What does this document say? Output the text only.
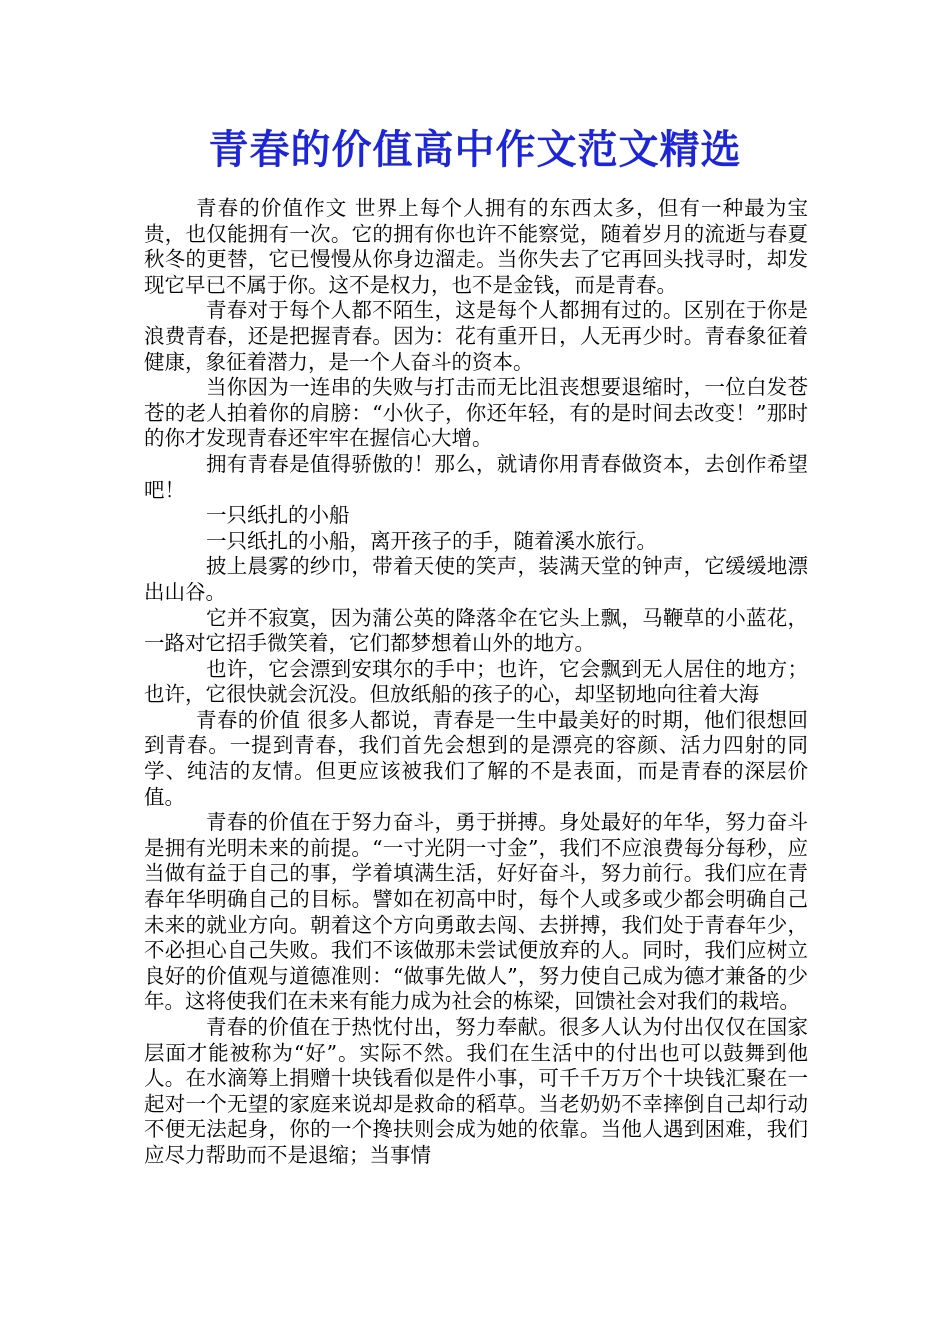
青春的价值高中作文范文精选

青春的价值作文 世界上每个人拥有的东西太多，但有一种最为宝贵，也仅能拥有一次。它的拥有你也许不能察觉，随着岁月的流逝与春夏秋冬的更替，它已慢慢从你身边溜走。当你失去了它再回头找寻时，却发现它早已不属于你。这不是权力，也不是金钱，而是青春。

青春对于每个人都不陌生，这是每个人都拥有过的。区别在于你是浪费青春，还是把握青春。因为：花有重开日，人无再少时。青春象征着健康，象征着潜力，是一个人奋斗的资本。

当你因为一连串的失败与打击而无比沮丧想要退缩时，一位白发苍苍的老人拍着你的肩膀：“小伙子，你还年轻，有的是时间去改变！”那时的你才发现青春还牢牢在握信心大增。

拥有青春是值得骄傲的！那么，就请你用青春做资本，去创作希望吧！

一只纸扎的小船

一只纸扎的小船，离开孩子的手，随着溪水旅行。

披上晨雾的纱巾，带着天使的笑声，装满天堂的钟声，它缓缓地漂出山谷。

它并不寂寞，因为蒲公英的降落伞在它头上飘，马鞭草的小蓝花，一路对它招手微笑着，它们都梦想着山外的地方。

也许，它会漂到安琪尔的手中；也许，它会飘到无人居住的地方；也许，它很快就会沉没。但放纸船的孩子的心，却坚韧地向往着大海

青春的价值 很多人都说，青春是一生中最美好的时期，他们很想回到青春。一提到青春，我们首先会想到的是漂亮的容颜、活力四射的同学、纯洁的友情。但更应该被我们了解的不是表面，而是青春的深层价值。

青春的价值在于努力奋斗，勇于拼搏。身处最好的年华，努力奋斗是拥有光明未来的前提。“一寸光阴一寸金”，我们不应浪费每分每秒，应当做有益于自己的事，学着填满生活，好好奋斗，努力前行。我们应在青春年华明确自己的目标。譬如在初高中时，每个人或多或少都会明确自己未来的就业方向。朝着这个方向勇敢去闯、去拼搏，我们处于青春年少，不必担心自己失败。我们不该做那未尝试便放弃的人。同时，我们应树立良好的价值观与道德准则：“做事先做人”，努力使自己成为德才兼备的少年。这将使我们在未来有能力成为社会的栋梁，回馈社会对我们的栽培。

青春的价值在于热忱付出，努力奉献。很多人认为付出仅仅在国家层面才能被称为“好”。实际不然。我们在生活中的付出也可以鼓舞到他人。在水滴筹上捐赠十块钱看似是件小事，可千千万万个十块钱汇聚在一起对一个无望的家庭来说却是救命的稻草。当老奶奶不幸摔倒自己却行动不便无法起身，你的一个搀扶则会成为她的依靠。当他人遇到困难，我们应尽力帮助而不是退缩；当事情
